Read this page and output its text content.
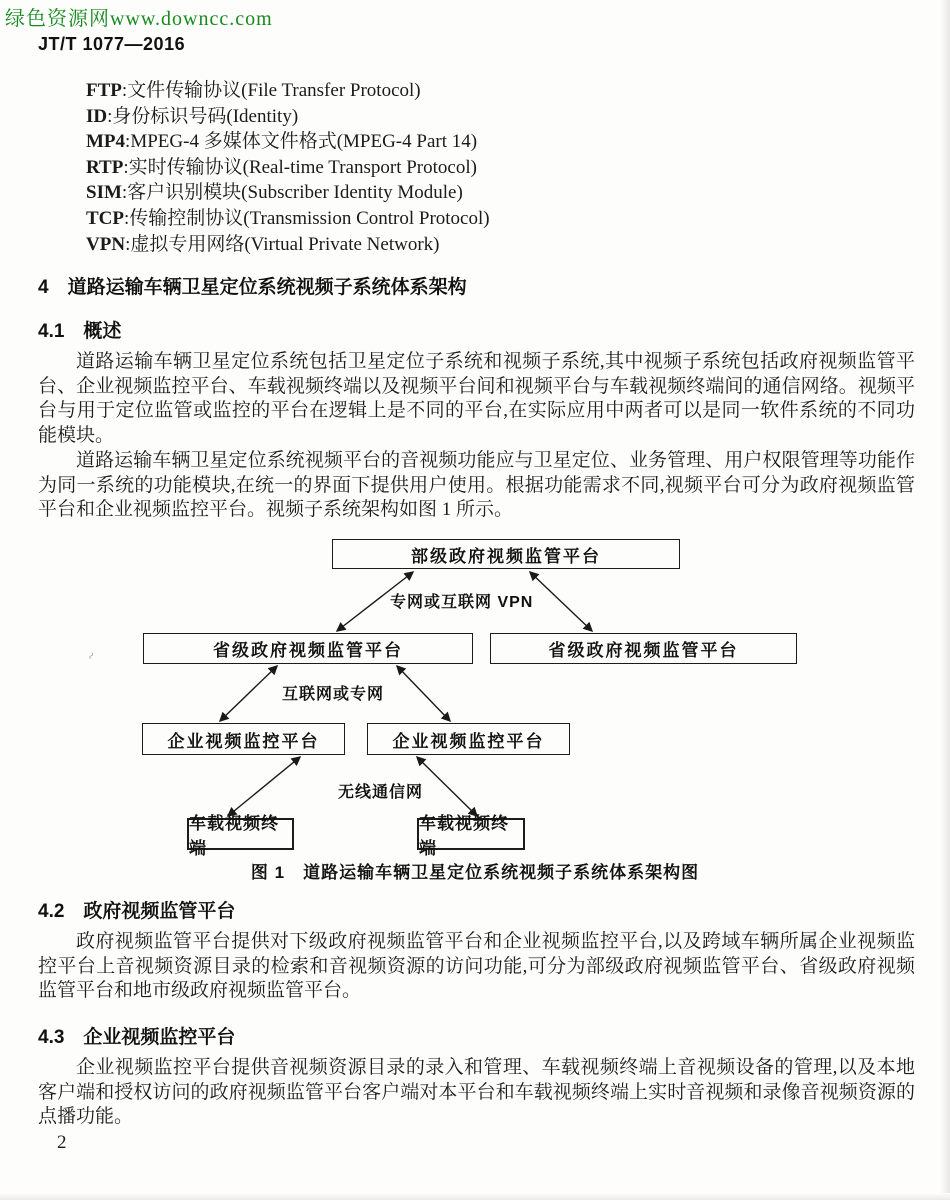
绿色资源网www.downcc.com
JT/T 1077—2016
FTP:文件传输协议(File Transfer Protocol)
ID:身份标识号码(Identity)
MP4:MPEG-4 多媒体文件格式(MPEG-4 Part 14)
RTP:实时传输协议(Real-time Transport Protocol)
SIM:客户识别模块(Subscriber Identity Module)
TCP:传输控制协议(Transmission Control Protocol)
VPN:虚拟专用网络(Virtual Private Network)
4　道路运输车辆卫星定位系统视频子系统体系架构
4.1　概述

道路运输车辆卫星定位系统包括卫星定位子系统和视频子系统,其中视频子系统包括政府视频监管平台、企业视频监控平台、车载视频终端以及视频平台间和视频平台与车载视频终端间的通信网络。视频平台与用于定位监管或监控的平台在逻辑上是不同的平台,在实际应用中两者可以是同一软件系统的不同功能模块。

道路运输车辆卫星定位系统视频平台的音视频功能应与卫星定位、业务管理、用户权限管理等功能作为同一系统的功能模块,在统一的界面下提供用户使用。根据功能需求不同,视频平台可分为政府视频监管平台和企业视频监控平台。视频子系统架构如图 1 所示。

部级政府视频监管平台
省级政府视频监管平台	省级政府视频监管平台
企业视频监控平台	企业视频监控平台
车载视频终端
车载视频终端
专网或互联网 VPN
互联网或专网
无线通信网
图 1　道路运输车辆卫星定位系统视频子系统体系架构图
4.2　政府视频监管平台

政府视频监管平台提供对下级政府视频监管平台和企业视频监控平台,以及跨域车辆所属企业视频监控平台上音视频资源目录的检索和音视频资源的访问功能,可分为部级政府视频监管平台、省级政府视频监管平台和地市级政府视频监管平台。

4.3　企业视频监控平台

企业视频监控平台提供音视频资源目录的录入和管理、车载视频终端上音视频设备的管理,以及本地客户端和授权访问的政府视频监管平台客户端对本平台和车载视频终端上实时音视频和录像音视频资源的点播功能。

2
~
